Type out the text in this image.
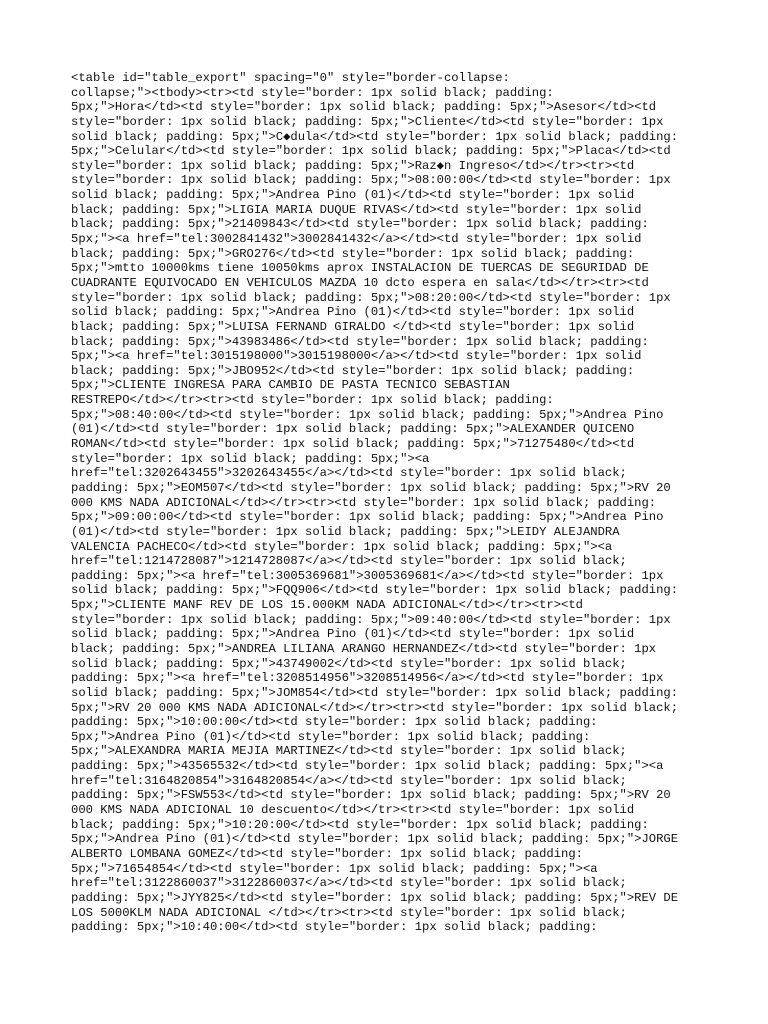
<table id="table_export" spacing="0" style="border-collapse:
collapse;"><tbody><tr><td style="border: 1px solid black; padding:
5px;">Hora</td><td style="border: 1px solid black; padding: 5px;">Asesor</td><td
style="border: 1px solid black; padding: 5px;">Cliente</td><td style="border: 1px
solid black; padding: 5px;">C◆dula</td><td style="border: 1px solid black; padding:
5px;">Celular</td><td style="border: 1px solid black; padding: 5px;">Placa</td><td
style="border: 1px solid black; padding: 5px;">Raz◆n Ingreso</td></tr><tr><td
style="border: 1px solid black; padding: 5px;">08:00:00</td><td style="border: 1px
solid black; padding: 5px;">Andrea Pino (01)</td><td style="border: 1px solid
black; padding: 5px;">LIGIA MARIA DUQUE RIVAS</td><td style="border: 1px solid
black; padding: 5px;">21409843</td><td style="border: 1px solid black; padding:
5px;"><a href="tel:3002841432">3002841432</a></td><td style="border: 1px solid
black; padding: 5px;">GRO276</td><td style="border: 1px solid black; padding:
5px;">mtto 10000kms tiene 10050kms aprox INSTALACION DE TUERCAS DE SEGURIDAD DE
CUADRANTE EQUIVOCADO EN VEHICULOS MAZDA 10 dcto espera en sala</td></tr><tr><td
style="border: 1px solid black; padding: 5px;">08:20:00</td><td style="border: 1px
solid black; padding: 5px;">Andrea Pino (01)</td><td style="border: 1px solid
black; padding: 5px;">LUISA FERNAND GIRALDO </td><td style="border: 1px solid
black; padding: 5px;">43983486</td><td style="border: 1px solid black; padding:
5px;"><a href="tel:3015198000">3015198000</a></td><td style="border: 1px solid
black; padding: 5px;">JBO952</td><td style="border: 1px solid black; padding:
5px;">CLIENTE INGRESA PARA CAMBIO DE PASTA TECNICO SEBASTIAN
RESTREPO</td></tr><tr><td style="border: 1px solid black; padding:
5px;">08:40:00</td><td style="border: 1px solid black; padding: 5px;">Andrea Pino
(01)</td><td style="border: 1px solid black; padding: 5px;">ALEXANDER QUICENO
ROMAN</td><td style="border: 1px solid black; padding: 5px;">71275480</td><td
style="border: 1px solid black; padding: 5px;"><a
href="tel:3202643455">3202643455</a></td><td style="border: 1px solid black;
padding: 5px;">EOM507</td><td style="border: 1px solid black; padding: 5px;">RV 20
000 KMS NADA ADICIONAL</td></tr><tr><td style="border: 1px solid black; padding:
5px;">09:00:00</td><td style="border: 1px solid black; padding: 5px;">Andrea Pino
(01)</td><td style="border: 1px solid black; padding: 5px;">LEIDY ALEJANDRA
VALENCIA PACHECO</td><td style="border: 1px solid black; padding: 5px;"><a
href="tel:1214728087">1214728087</a></td><td style="border: 1px solid black;
padding: 5px;"><a href="tel:3005369681">3005369681</a></td><td style="border: 1px
solid black; padding: 5px;">FQQ906</td><td style="border: 1px solid black; padding:
5px;">CLIENTE MANF REV DE LOS 15.000KM NADA ADICIONAL</td></tr><tr><td
style="border: 1px solid black; padding: 5px;">09:40:00</td><td style="border: 1px
solid black; padding: 5px;">Andrea Pino (01)</td><td style="border: 1px solid
black; padding: 5px;">ANDREA LILIANA ARANGO HERNANDEZ</td><td style="border: 1px
solid black; padding: 5px;">43749002</td><td style="border: 1px solid black;
padding: 5px;"><a href="tel:3208514956">3208514956</a></td><td style="border: 1px
solid black; padding: 5px;">JOM854</td><td style="border: 1px solid black; padding:
5px;">RV 20 000 KMS NADA ADICIONAL</td></tr><tr><td style="border: 1px solid black;
padding: 5px;">10:00:00</td><td style="border: 1px solid black; padding:
5px;">Andrea Pino (01)</td><td style="border: 1px solid black; padding:
5px;">ALEXANDRA MARIA MEJIA MARTINEZ</td><td style="border: 1px solid black;
padding: 5px;">43565532</td><td style="border: 1px solid black; padding: 5px;"><a
href="tel:3164820854">3164820854</a></td><td style="border: 1px solid black;
padding: 5px;">FSW553</td><td style="border: 1px solid black; padding: 5px;">RV 20
000 KMS NADA ADICIONAL 10 descuento</td></tr><tr><td style="border: 1px solid
black; padding: 5px;">10:20:00</td><td style="border: 1px solid black; padding:
5px;">Andrea Pino (01)</td><td style="border: 1px solid black; padding: 5px;">JORGE
ALBERTO LOMBANA GOMEZ</td><td style="border: 1px solid black; padding:
5px;">71654854</td><td style="border: 1px solid black; padding: 5px;"><a
href="tel:3122860037">3122860037</a></td><td style="border: 1px solid black;
padding: 5px;">JYY825</td><td style="border: 1px solid black; padding: 5px;">REV DE
LOS 5000KLM NADA ADICIONAL </td></tr><tr><td style="border: 1px solid black;
padding: 5px;">10:40:00</td><td style="border: 1px solid black; padding:
